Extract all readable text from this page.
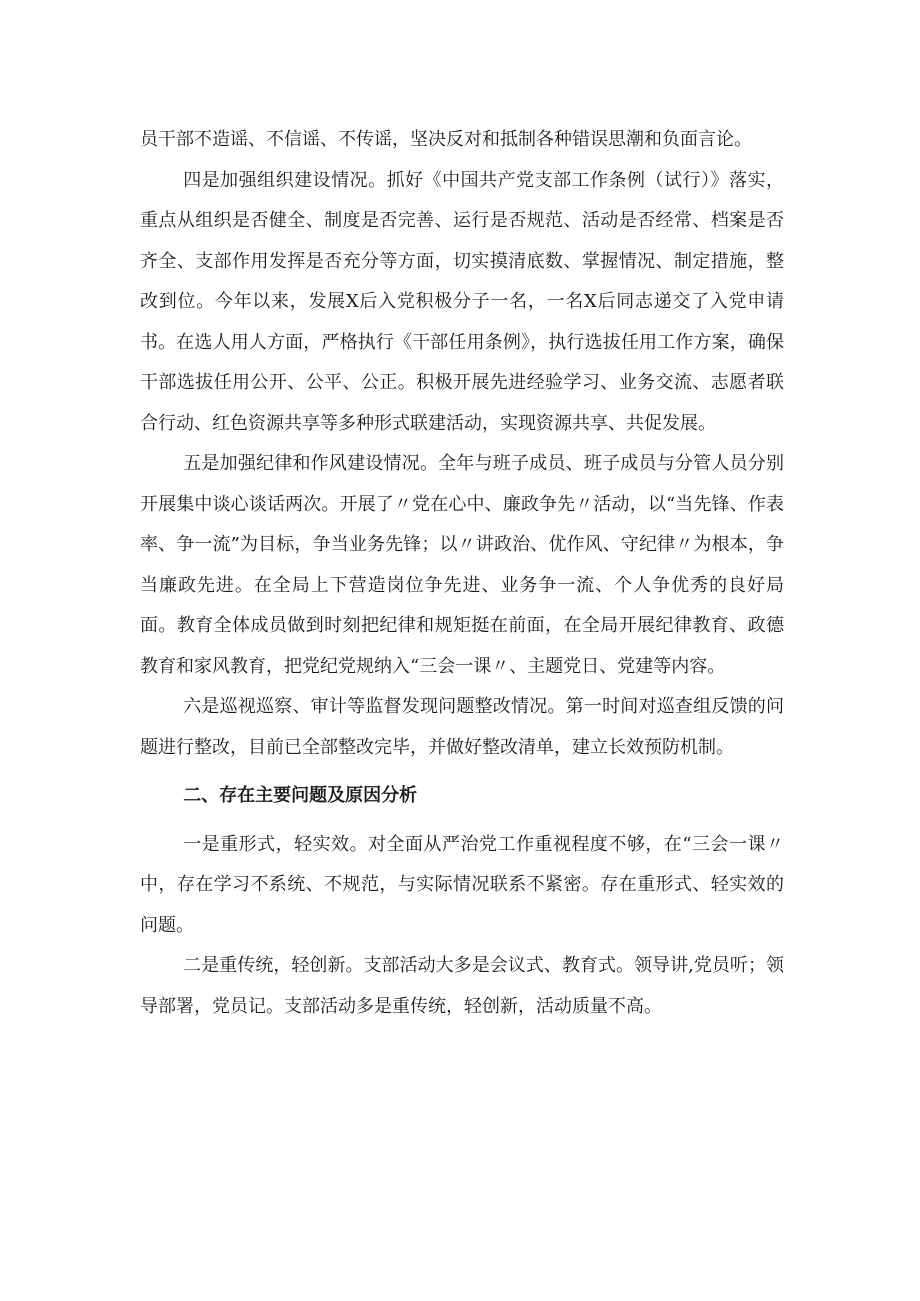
员干部不造谣、不信谣、不传谣，坚决反对和抵制各种错误思潮和负面言论。

四是加强组织建设情况。抓好《中国共产党支部工作条例（试行）》落实，重点从组织是否健全、制度是否完善、运行是否规范、活动是否经常、档案是否齐全、支部作用发挥是否充分等方面，切实摸清底数、掌握情况、制定措施，整改到位。今年以来，发展X后入党积极分子一名，一名X后同志递交了入党申请书。在选人用人方面，严格执行《干部任用条例》，执行选拔任用工作方案，确保干部选拔任用公开、公平、公正。积极开展先进经验学习、业务交流、志愿者联合行动、红色资源共享等多种形式联建活动，实现资源共享、共促发展。

五是加强纪律和作风建设情况。全年与班子成员、班子成员与分管人员分别开展集中谈心谈话两次。开展了〃党在心中、廉政争先〃活动，以“当先锋、作表率、争一流”为目标，争当业务先锋；以〃讲政治、优作风、守纪律〃为根本，争当廉政先进。在全局上下营造岗位争先进、业务争一流、个人争优秀的良好局面。教育全体成员做到时刻把纪律和规矩挺在前面，在全局开展纪律教育、政德教育和家风教育，把党纪党规纳入“三会一课〃、主题党日、党建等内容。

六是巡视巡察、审计等监督发现问题整改情况。第一时间对巡查组反馈的问题进行整改，目前已全部整改完毕，并做好整改清单，建立长效预防机制。

二、存在主要问题及原因分析

一是重形式，轻实效。对全面从严治党工作重视程度不够，在“三会一课〃中，存在学习不系统、不规范，与实际情况联系不紧密。存在重形式、轻实效的问题。

二是重传统，轻创新。支部活动大多是会议式、教育式。领导讲,党员听；领导部署，党员记。支部活动多是重传统，轻创新，活动质量不高。
